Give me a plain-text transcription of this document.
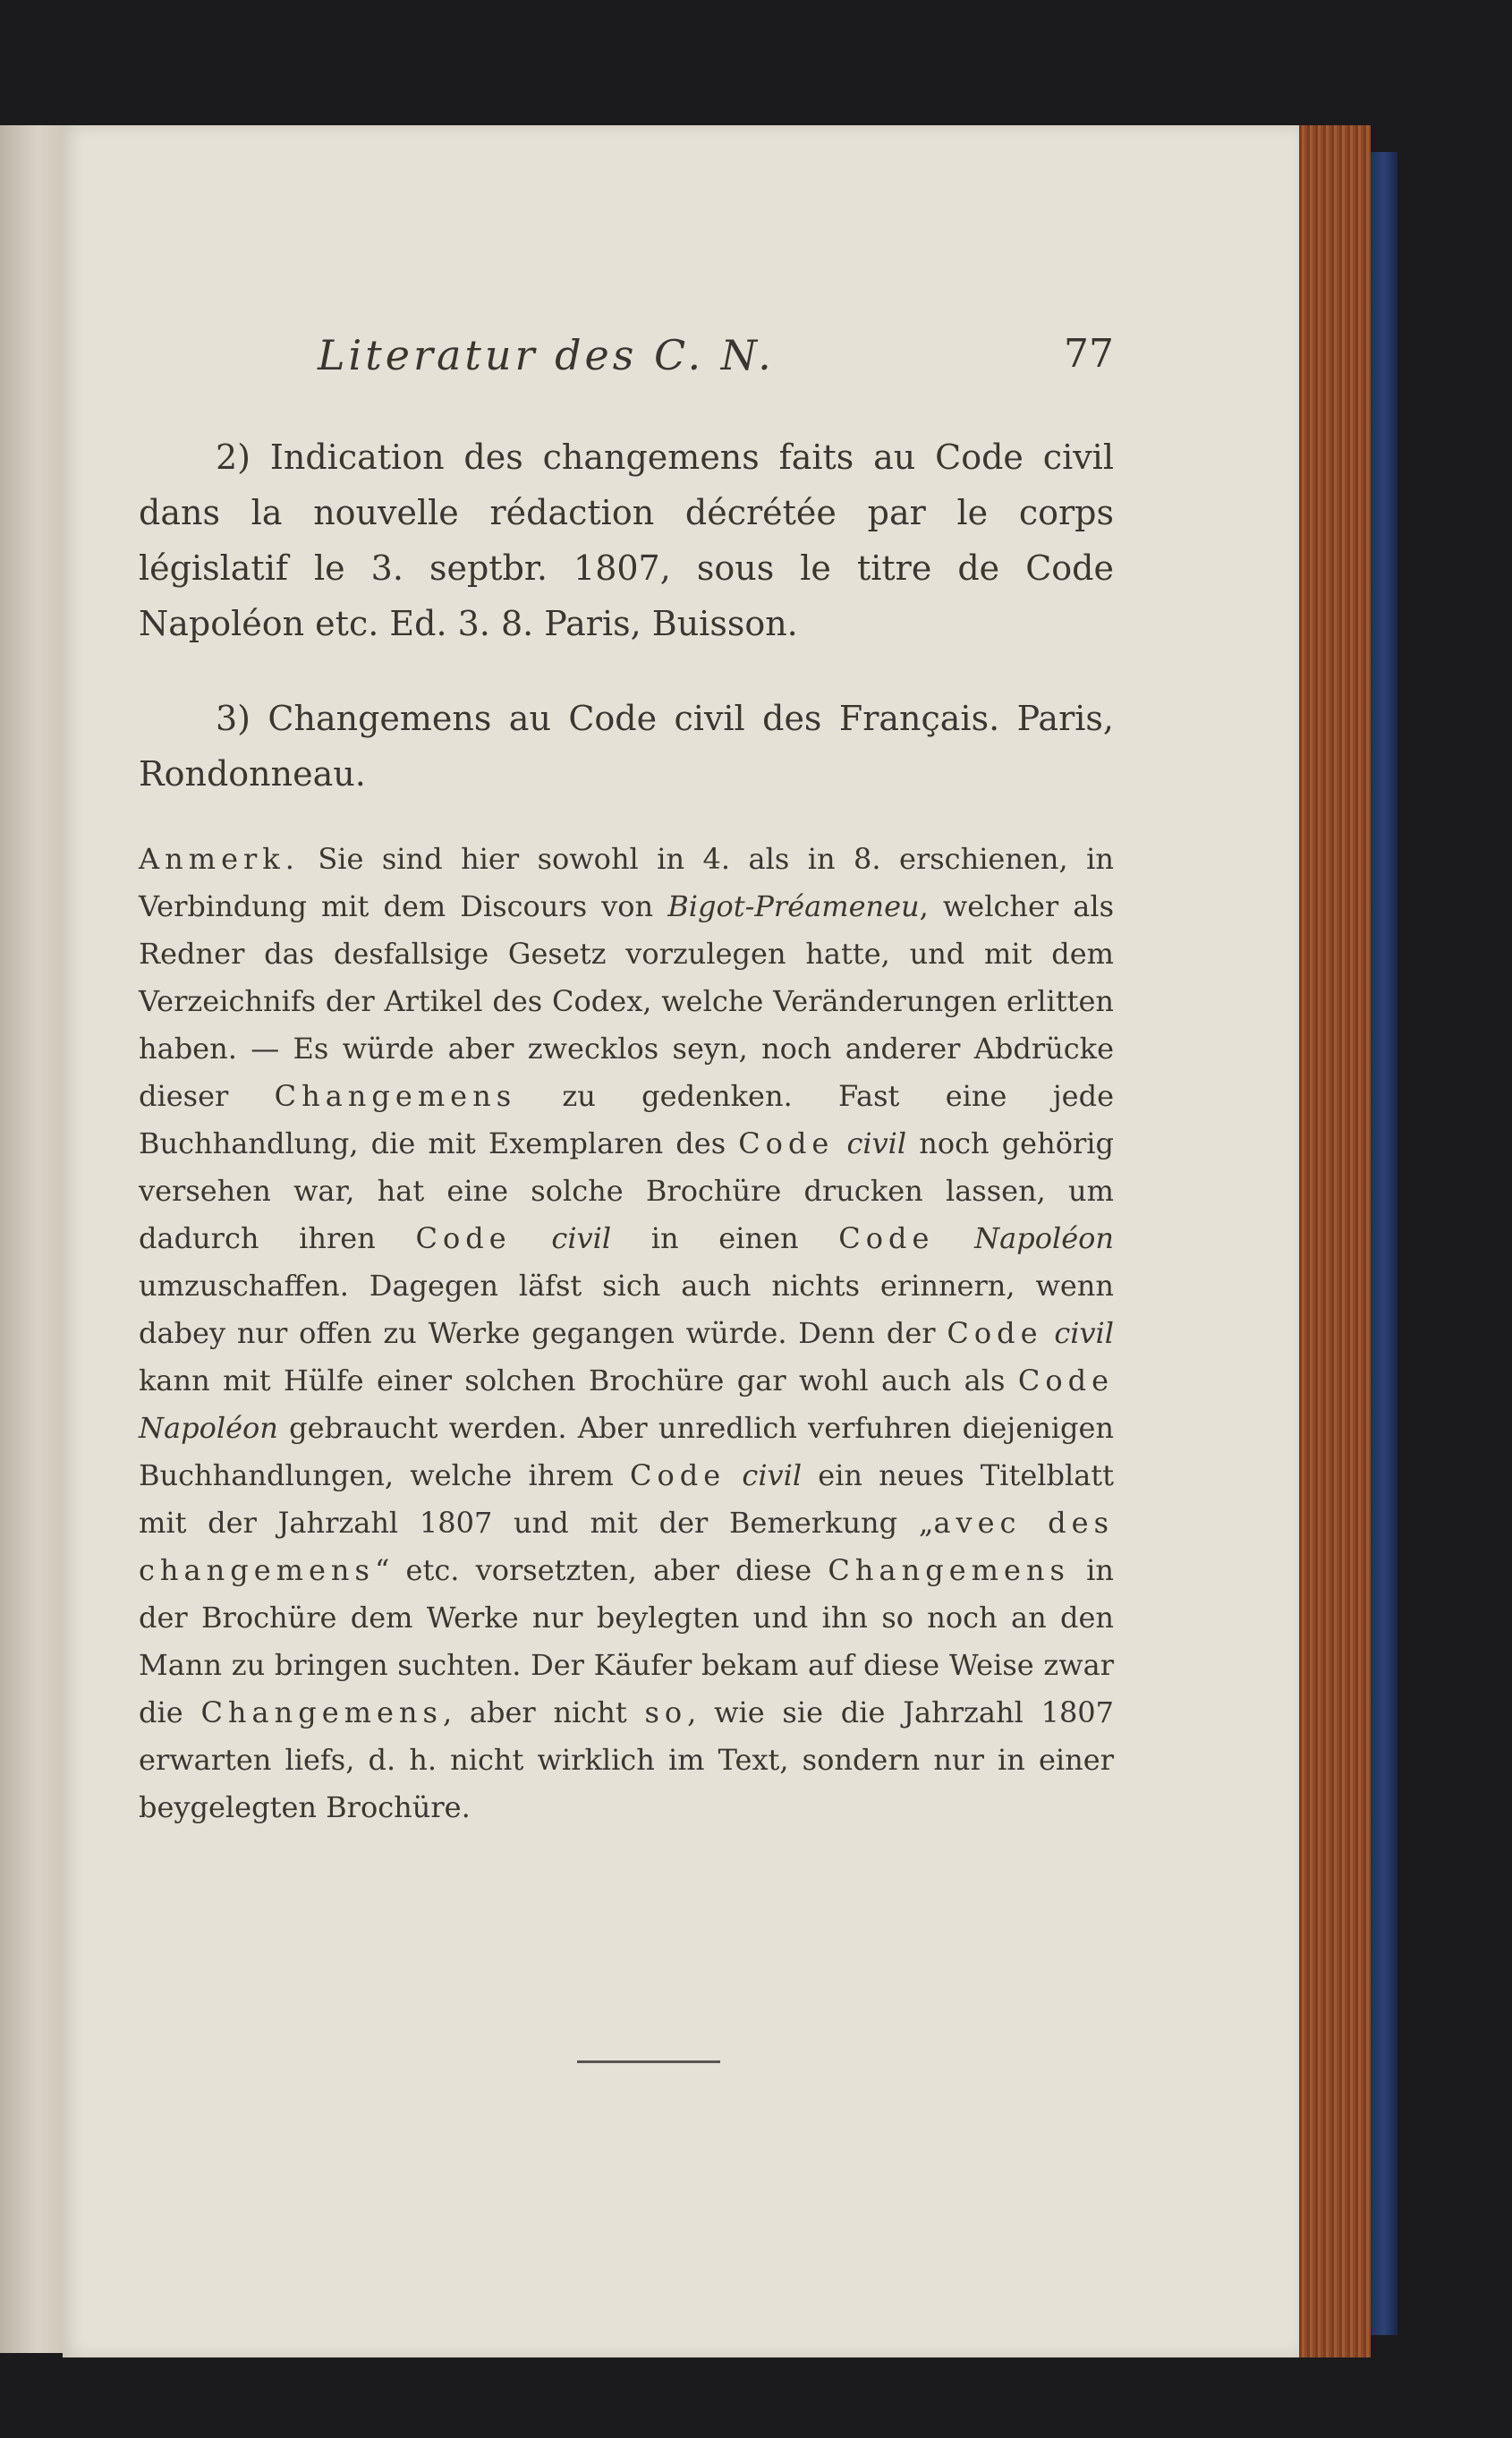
Literatur des C. N.	77

2) Indication des changemens faits au Code civil dans la nouvelle rédaction décrétée par le corps législatif le 3. septbr. 1807, sous le titre de Code Napoléon etc. Ed. 3. 8. Paris, Buisson.

3) Changemens au Code civil des Français. Paris, Rondonneau.

Anmerk. Sie sind hier sowohl in 4. als in 8. erschienen, in Verbindung mit dem Discours von Bigot-Préameneu, welcher als Redner das desfallsige Gesetz vorzulegen hatte, und mit dem Verzeichnifs der Artikel des Codex, welche Veränderungen erlitten haben. — Es würde aber zwecklos seyn, noch anderer Abdrücke dieser Changemens zu gedenken. Fast eine jede Buchhandlung, die mit Exemplaren des Code civil noch gehörig versehen war, hat eine solche Brochüre drucken lassen, um dadurch ihren Code civil in einen Code Napoléon umzuschaffen. Dagegen läfst sich auch nichts erinnern, wenn dabey nur offen zu Werke gegangen würde. Denn der Code civil kann mit Hülfe einer solchen Brochüre gar wohl auch als Code Napoléon gebraucht werden. Aber unredlich verfuhren diejenigen Buchhandlungen, welche ihrem Code civil ein neues Titelblatt mit der Jahrzahl 1807 und mit der Bemerkung „avec des changemens“ etc. vorsetzten, aber diese Changemens in der Brochüre dem Werke nur beylegten und ihn so noch an den Mann zu bringen suchten. Der Käufer bekam auf diese Weise zwar die Changemens, aber nicht so, wie sie die Jahrzahl 1807 erwarten liefs, d. h. nicht wirklich im Text, sondern nur in einer beygelegten Brochüre.
